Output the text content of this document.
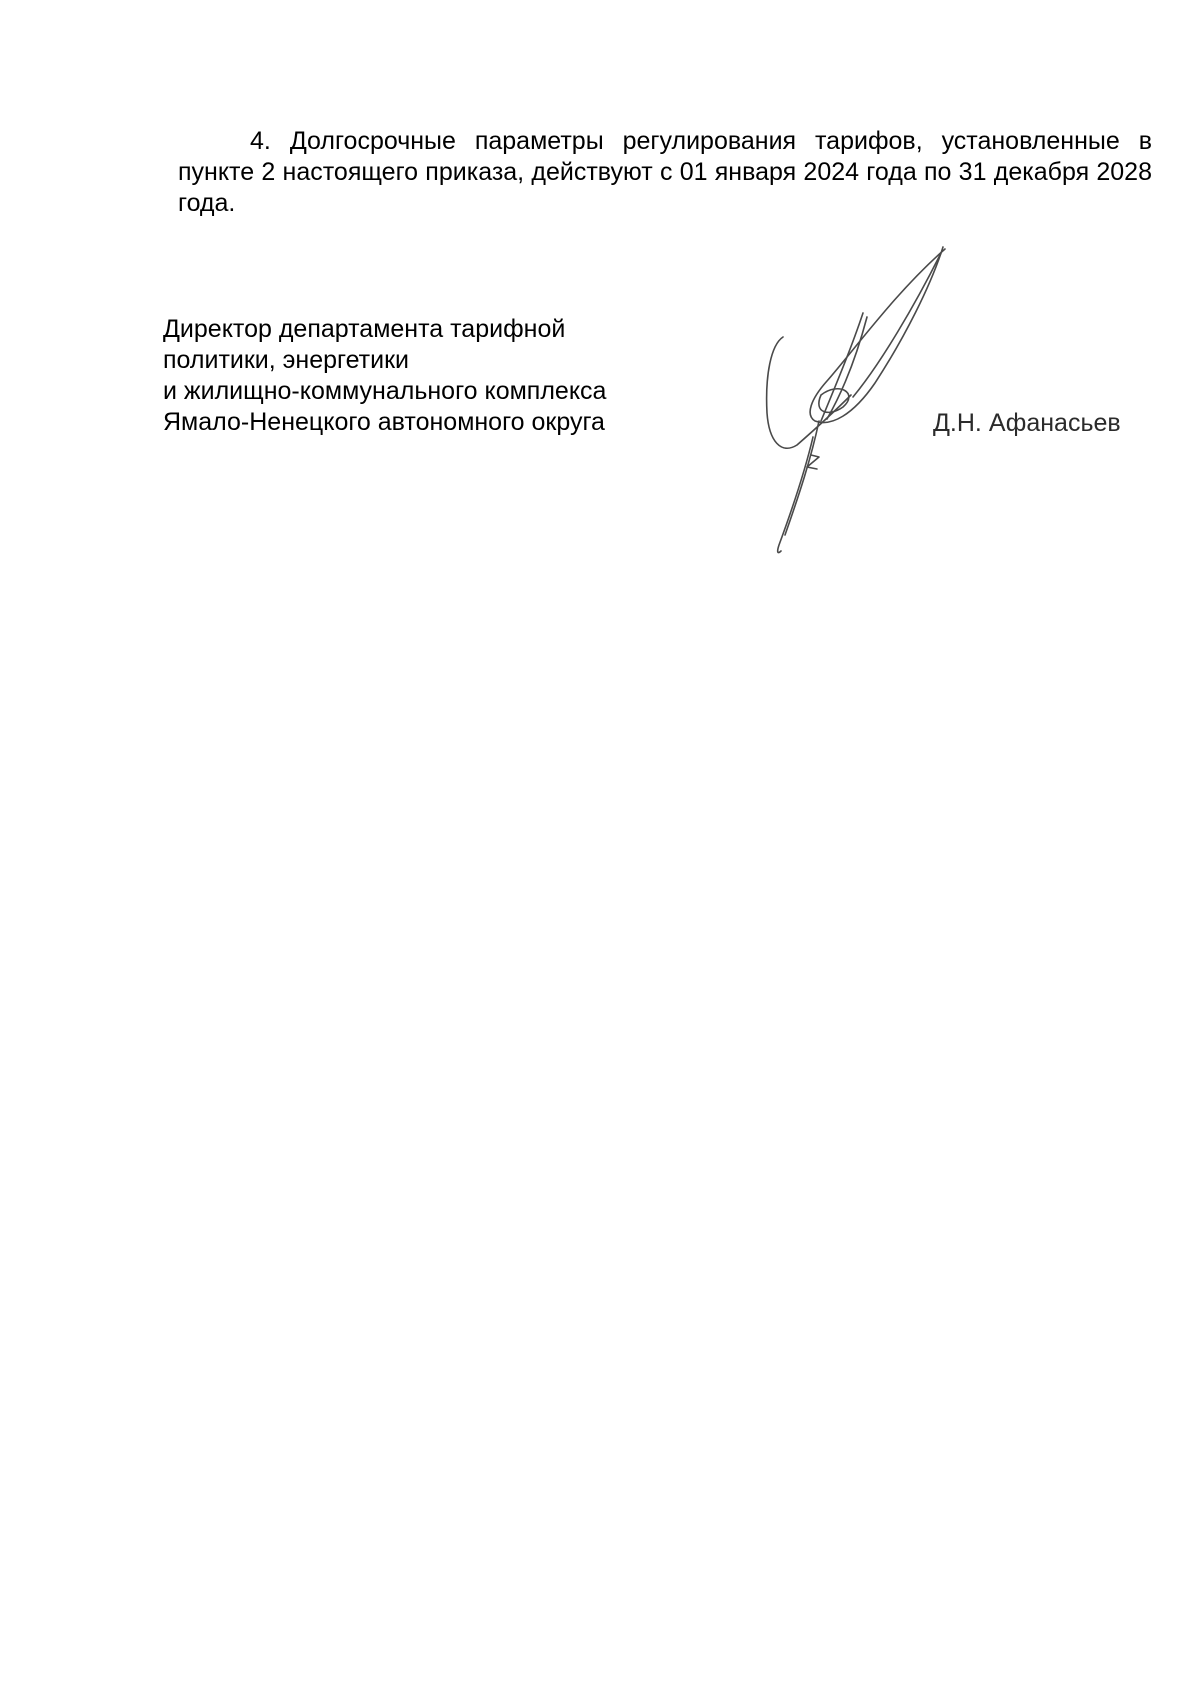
4. Долгосрочные параметры регулирования тарифов, установленные в пункте 2 настоящего приказа, действуют с 01 января 2024 года по 31 декабря 2028 года.

Директор департамента тарифной
политики, энергетики
и жилищно-коммунального комплекса
Ямало-Ненецкого автономного округа	Д.Н. Афанасьев
